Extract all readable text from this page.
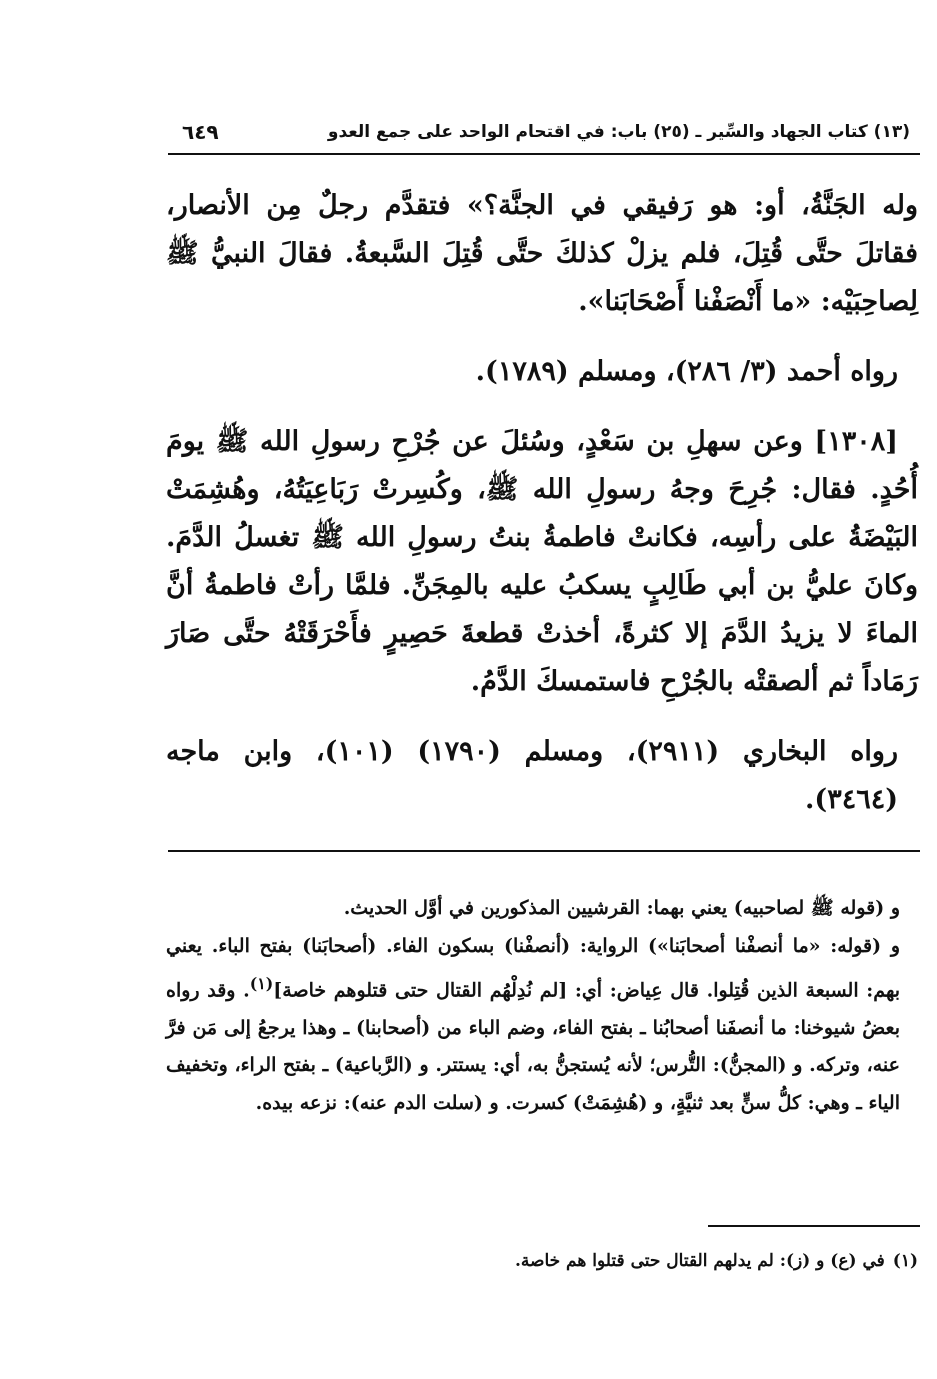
(١٣) كتاب الجهاد والسِّير ـ (٢٥) باب: في اقتحام الواحد على جمع العدو
٦٤٩

وله الجَنَّةُ، أو: هو رَفيقي في الجنَّة؟» فتقدَّم رجلٌ مِن الأنصار، فقاتلَ حتَّى قُتِلَ، فلم يزلْ كذلكَ حتَّى قُتِلَ السَّبعةُ. فقالَ النبيُّ ﷺ لِصاحِبَيْه: «ما أَنْصَفْنا أَصْحَابَنا».

رواه أحمد (٣/ ٢٨٦)، ومسلم (١٧٨٩).

[١٣٠٨] وعن سهلِ بن سَعْدٍ، وسُئلَ عن جُرْحِ رسولِ الله ﷺ يومَ أُحُدٍ. فقال: جُرِحَ وجهُ رسولِ الله ﷺ، وكُسِرتْ رَبَاعِيَتُهُ، وهُشِمَتْ البَيْضَةُ على رأسِه، فكانتْ فاطمةُ بنتُ رسولِ الله ﷺ تغسلُ الدَّمَ. وكانَ عليُّ بن أبي طَالِبٍ يسكبُ عليه بالمِجَنِّ. فلمَّا رأتْ فاطمةُ أنَّ الماءَ لا يزيدُ الدَّمَ إلا كثرةً، أخذتْ قطعةَ حَصِيرٍ فأَحْرَقَتْهُ حتَّى صَارَ رَمَاداً ثم ألصقتْه بالجُرْحِ فاستمسكَ الدَّمُ.

رواه البخاري (٢٩١١)، ومسلم (١٧٩٠) (١٠١)، وابن ماجه (٣٤٦٤).

و (قوله ﷺ لصاحبيه) يعني بهما: القرشيين المذكورين في أوَّل الحديث.

و (قوله: «ما أنصفْنا أصحابَنا») الرواية: (أنصفْنا) بسكون الفاء. (أصحابَنا) بفتح الباء. يعني بهم: السبعة الذين قُتِلوا. قال عِياض: أي: [لم نُدِلْهُم القتال حتى قتلوهم خاصة]$^{(١)}$. وقد رواه بعضُ شيوخنا: ما أنصفَنا أصحابُنا ـ بفتح الفاء، وضم الباء من (أصحابنا) ـ وهذا يرجعُ إلى مَن فرَّ عنه، وتركه. و (المجنُّ): التُّرس؛ لأنه يُستجنُّ به، أي: يستتر. و (الرَّباعية) ـ بفتح الراء، وتخفيف الياء ـ وهي: كلُّ سنٍّ بعد ثنيَّةٍ، و (هُشِمَتْ) كسرت. و (سلت الدم عنه): نزعه بيده.

(١)في (ع) و (ز): لم يدلهم القتال حتى قتلوا هم خاصة.
